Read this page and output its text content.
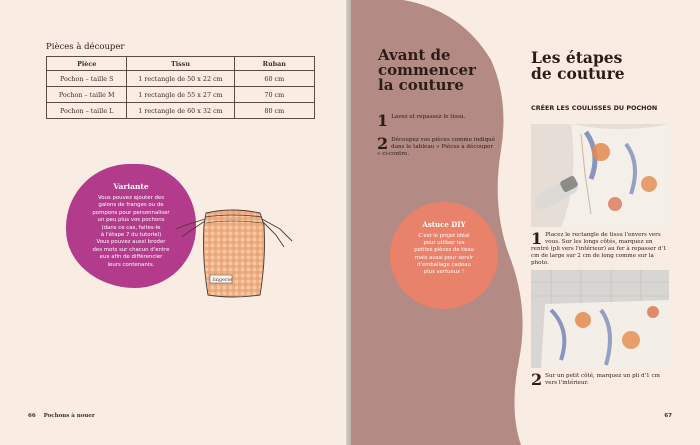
Pièces à découper
Pièce	Tissu	Ruban
Pochon – taille S	1 rectangle de 50 x 22 cm	60 cm
Pochon – taille M	1 rectangle de 55 x 27 cm	70 cm
Pochon – taille L	1 rectangle de 60 x 32 cm	80 cm
Variante

Vous pouvez ajouter des
galons de franges ou de
pompons pour personnaliser
un peu plus vos pochons
(dans ce cas, faites-le
à l'étape 7 du tutoriel)
Vous pouvez aussi broder
des mots sur chacun d'entre
eux afin de différencier
leurs contenants.

lingerie
66 Pochons à nouer
Avant de
commencer
la couture
1 Lavez et repassez le tissu.
2 Découpez vos pièces comme indiqué dans le tableau « Pièces à découper » ci-contre.
Astuce DIY

C'est le projet idéal
pour utiliser les
petites pièces de tissu
mais aussi pour servir
d'emballage cadeau
plus vertueux !

Les étapes
de couture
CRÉER LES COULISSES DU POCHON
1 Placez le rectangle de tissu l'envers vers vous. Sur les longs côtés, marquez un rentré (pli vers l'intérieur) au fer à repasser d'1 cm de large sur 2 cm de long comme sur la photo.
2 Sur un petit côté, marquez un pli d'1 cm vers l'intérieur.
67
